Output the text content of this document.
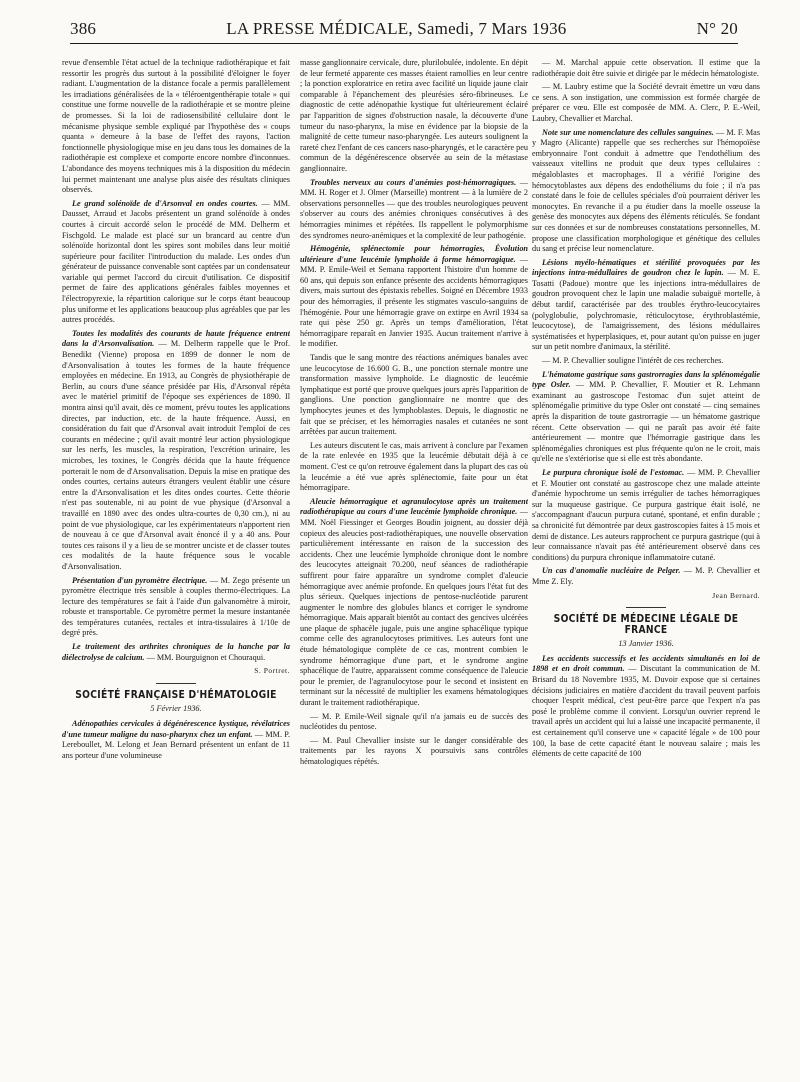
386	LA PRESSE MÉDICALE, Samedi, 7 Mars 1936	N° 20

revue d'ensemble l'état actuel de la technique radiothérapique et fait ressortir les progrès dus surtout à la possibilité d'éloigner le foyer radiant. L'augmentation de la distance focale a permis parallèlement les irradiations généralisées de la « téléroentgenthérapie totale » qui constitue une forme nouvelle de la radiothérapie et se montre pleine de promesses. Si la loi de radiosensibilité cellulaire dont le mécanisme physique semble expliqué par l'hypothèse des « coups quanta » demeure à la base de l'effet des rayons, l'action fonctionnelle physiologique mise en jeu dans tous les domaines de la radiothérapie est complexe et comporte encore nombre d'inconnues. L'abondance des moyens techniques mis à la disposition du médecin lui permet maintenant une analyse plus aisée des résultats cliniques observés.

Le grand solénoïde de d'Arsonval en ondes courtes. — MM. Dausset, Arraud et Jacobs présentent un grand solénoïde à ondes courtes à circuit accordé selon le procédé de MM. Delherm et Fischgold. Le malade est placé sur un brancard au centre d'un solénoïde horizontal dont les spires sont mobiles dans leur moitié supérieure pour faciliter l'introduction du malade. Les ondes d'un générateur de puissance convenable sont captées par un condensateur variable qui permet l'accord du circuit d'utilisation. Ce dispositif permet de faire des applications générales faibles moyennes et l'électropyrexie, la répartition calorique sur le corps étant beaucoup plus uniforme et les applications beaucoup plus agréables que par les autres procédés.

Toutes les modalités des courants de haute fréquence entrent dans la d'Arsonvalisation. — M. Delherm rappelle que le Prof. Benedikt (Vienne) proposa en 1899 de donner le nom de d'Arsonvalisation à toutes les formes de la haute fréquence employées en médecine. En 1913, au Congrès de physiothérapie de Berlin, au cours d'une séance présidée par His, d'Arsonval répéta avec le matériel primitif de l'époque ses expériences de 1890. Il montra ainsi qu'il avait, dès ce moment, prévu toutes les applications directes, par induction, etc. de la haute fréquence. Aussi, en considération du fait que d'Arsonval avait introduit l'emploi de ces courants en médecine ; qu'il avait montré leur action physiologique sur les nerfs, les muscles, la respiration, l'excrétion urinaire, les microbes, les toxines, le Congrès décida que la haute fréquence porterait le nom de d'Arsonvalisation. Depuis la mise en pratique des ondes courtes, certains auteurs étrangers veulent établir une césure entre la d'Arsonvalisation et les dites ondes courtes. Cette théorie n'est pas soutenable, ni au point de vue physique (d'Arsonval a travaillé en 1890 avec des ondes ultra-courtes de 0,30 cm.), ni au point de vue physiologique, car les expérimentateurs n'apportent rien de nouveau à ce que d'Arsonval avait énoncé il y a 40 ans. Pour toutes ces raisons il y a lieu de se montrer unciste et de classer toutes ces modalités de la haute fréquence sous le vocable d'Arsonvalisation.

Présentation d'un pyromètre électrique. — M. Zego présente un pyromètre électrique très sensible à couples thermo-électriques. La lecture des températures se fait à l'aide d'un galvanomètre à miroir, robuste et transportable. Ce pyromètre permet la mesure instantanée des températures cutanées, rectales et intra-tissulaires à 1/10e de degré près.

Le traitement des arthrites chroniques de la hanche par la diélectrolyse de calcium. — MM. Bourguignon et Chouraqui.

S. Portret.

SOCIÉTÉ FRANÇAISE D'HÉMATOLOGIE

5 Février 1936.

Adénopathies cervicales à dégénérescence kystique, révélatrices d'une tumeur maligne du naso-pharynx chez un enfant. — MM. P. Lereboullet, M. Lelong et Jean Bernard présentent un enfant de 11 ans porteur d'une volumineuse

masse ganglionnaire cervicale, dure, plurilobulée, indolente. En dépit de leur fermeté apparente ces masses étaient ramollies en leur centre ; la ponction exploratrice en retira avec facilité un liquide jaune clair comparable à l'épanchement des pleurésies séro-fibrineuses. Le diagnostic de cette adénopathie kystique fut ultérieurement éclairé par l'apparition de signes d'obstruction nasale, la découverte d'une tumeur du naso-pharynx, la mise en évidence par la biopsie de la malignité de cette tumeur naso-pharyngée. Les auteurs soulignent la rareté chez l'enfant de ces cancers naso-pharyngés, et le caractère peu commun de la dégénérescence observée au sein de la métastase ganglionnaire.

Troubles nerveux au cours d'anémies post-hémorragiques. — MM. H. Roger et J. Olmer (Marseille) montrent — à la lumière de 2 observations personnelles — que des troubles neurologiques peuvent s'observer au cours des anémies chroniques consécutives à des hémorragies minimes et répétées. Ils rappellent le polymorphisme des syndromes neuro-anémiques et la complexité de leur pathogénie.

Hémogénie, splénectomie pour hémorragies, Évolution ultérieure d'une leucémie lymphoïde à forme hémorragique. — MM. P. Emile-Weil et Semana rapportent l'histoire d'un homme de 60 ans, qui depuis son enfance présente des accidents hémorragiques divers, mais surtout des épistaxis rebelles. Soigné en Décembre 1933 pour des hémorragies, il présente les stigmates vasculo-sanguins de l'hémogénie. Pour une hémorragie grave on extirpe en Avril 1934 sa rate qui pèse 250 gr. Après un temps d'amélioration, l'état hémorragipare reparaît en Janvier 1935. Aucun traitement n'arrive à le modifier.

Tandis que le sang montre des réactions anémiques banales avec une leucocytose de 16.600 G. B., une ponction sternale montre une transformation massive lymphoïde. Le diagnostic de leucémie lymphatique est porté que prouve quelques jours après l'apparition de ganglions. Une ponction ganglionnaire ne montre que des lymphocytes jeunes et des lymphoblastes. Depuis, le diagnostic ne fait que se préciser, et les hémorragies nasales et cutanées ne sont arrêtées par aucun traitement.

Les auteurs discutent le cas, mais arrivent à conclure par l'examen de la rate enlevée en 1935 que la leucémie débutait déjà à ce moment. C'est ce qu'on retrouve également dans la plupart des cas où la leucémie a été vue après splénectomie, faite pour un état hémorragipare.

Aleucie hémorragique et agranulocytose après un traitement radiothérapique au cours d'une leucémie lymphoïde chronique. — MM. Noël Fiessinger et Georges Boudin joignent, au dossier déjà copieux des aleucies post-radiothérapiques, une nouvelle observation particulièrement intéressante en raison de la succession des accidents. Chez une leucémie lymphoïde chronique dont le nombre des leucocytes atteignait 70.200, neuf séances de radiothérapie suffirent pour faire apparaître un syndrome complet d'aleucie hémorragique avec anémie profonde. En quelques jours l'état fut des plus sérieux. Quelques injections de pentose-nucléotide parurent augmenter le nombre des globules blancs et corriger le syndrome hémorragique. Mais apparaît bientôt au contact des gencives ulcérées une plaque de sphacèle jugale, puis une angine sphacélique typique comme celle des agranulocytoses primitives. Les auteurs font une étude hématologique complète de ce cas, montrent combien le syndrome hémorragique d'une part, et le syndrome angine sphacélique de l'autre, apparaissent comme conséquence de l'aleucie pour le premier, de l'agranulocytose pour le second et insistent en terminant sur la nécessité de multiplier les examens hématologiques durant le traitement radiothérapique.

— M. P. Emile-Weil signale qu'il n'a jamais eu de succès des nucléotides du pentose.

— M. Paul Chevallier insiste sur le danger considérable des traitements par les rayons X poursuivis sans contrôles hématologiques répétés.

— M. Marchal appuie cette observation. Il estime que la radiothérapie doit être suivie et dirigée par le médecin hématologiste.

— M. Laubry estime que la Société devrait émettre un vœu dans ce sens. A son instigation, une commission est formée chargée de préparer ce vœu. Elle est composée de MM. A. Clerc, P. E.-Weil, Laubry, Chevallier et Marchal.

Note sur une nomenclature des cellules sanguines. — M. F. Mas y Magro (Alicante) rappelle que ses recherches sur l'hémopoïèse embryonnaire l'ont conduit à admettre que l'endothélium des vaisseaux vitellins ne produit que deux types cellulaires : mégaloblastes et macrophages. Il a vérifié l'origine des hémocytoblastes aux dépens des endothéliums du foie ; il n'a pas constaté dans le foie de cellules spéciales d'où pourraient dériver les monocytes. En revanche il a pu étudier dans la moelle osseuse la genèse des monocytes aux dépens des éléments réticulés. Se fondant sur ces données et sur de nombreuses constatations personnelles, M. propose une classification morphologique et génétique des cellules du sang et précise leur nomenclature.

Lésions myélo-hématiques et stérilité provoquées par les injections intra-médullaires de goudron chez le lapin. — M. E. Tosatti (Padoue) montre que les injections intra-médullaires de goudron provoquent chez le lapin une maladie subaiguë mortelle, à début tardif, caractérisée par des troubles érythro-leucocytaires (polyglobulie, polychromasie, réticulocytose, érythroblastémie, leucocytose), de l'amaigrissement, des lésions médullaires systématisées et hyperplasiques, et, pour autant qu'on puisse en juger sur un petit nombre d'animaux, la stérilité.

— M. P. Chevallier souligne l'intérêt de ces recherches.

L'hématome gastrique sans gastrorragies dans la splénomégalie type Osler. — MM. P. Chevallier, F. Moutier et R. Lehmann examinant au gastroscope l'estomac d'un sujet atteint de splénomégalie primitive du type Osler ont constaté — cinq semaines après la disparition de toute gastrorragie — un hématome gastrique récent. Cette observation — qui ne paraît pas avoir été faite antérieurement — montre que l'hémorragie gastrique dans les splénomégalies chroniques est plus fréquente qu'on ne le croit, mais qu'elle ne s'extériorise que si elle est très abondante.

Le purpura chronique isolé de l'estomac. — MM. P. Chevallier et F. Moutier ont constaté au gastroscope chez une malade atteinte d'anémie hypochrome un semis irrégulier de taches hémorragiques sur la muqueuse gastrique. Ce purpura gastrique était isolé, ne s'accompagnant d'aucun purpura cutané, spontané, et enfin durable ; sa chronicité fut démontrée par deux gastroscopies faites à 15 mois et demi de distance. Les auteurs rapprochent ce purpura gastrique (qui à leur connaissance n'avait pas été antérieurement observé dans ces conditions) du purpura chronique inflammatoire cutané.

Un cas d'anomalie nucléaire de Pelger. — M. P. Chevallier et Mme Z. Ely.

Jean Bernard.

SOCIÉTÉ DE MÉDECINE LÉGALE DE FRANCE

13 Janvier 1936.

Les accidents successifs et les accidents simultanés en loi de 1898 et en droit commun. — Discutant la communication de M. Brisard du 18 Novembre 1935, M. Duvoir expose que si certaines décisions judiciaires en matière d'accident du travail peuvent parfois choquer l'esprit médical, c'est peut-être parce que l'expert n'a pas posé le problème comme il convient. Lorsqu'un ouvrier reprend le travail après un accident qui lui a laissé une incapacité permanente, il est certainement qu'il conserve une « capacité légale » de 100 pour 100, la base de cette capacité étant le nouveau salaire ; mais les éléments de cette capacité de 100
